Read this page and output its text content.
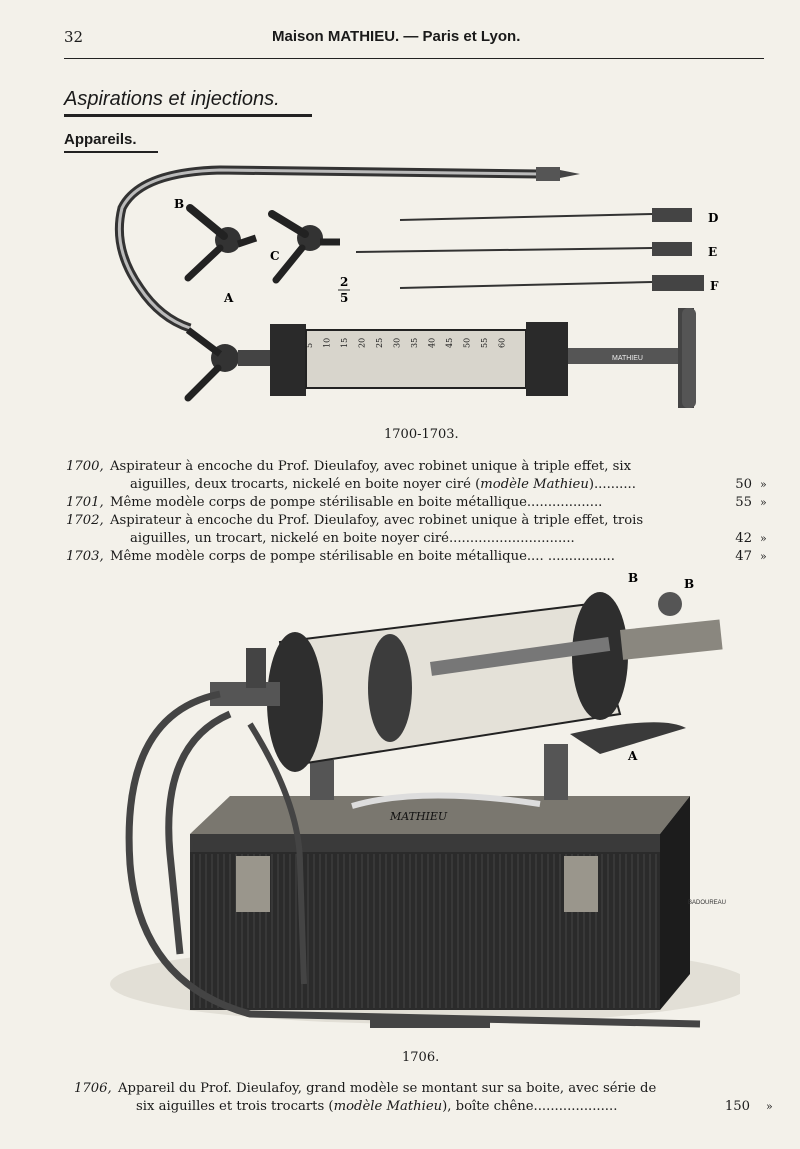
32	Maison MATHIEU. — Paris et Lyon.
Aspirations et injections.
Appareils.
MATHIEU
5 10 15 20 25 30 35 40 45 50 55 60
B
C
A
2
5
D
E
F
1700-1703.
1700, Aspirateur à encoche du Prof. Dieulafoy, avec robinet unique à triple effet, six
aiguilles, deux trocarts, nickelé en boite noyer ciré (modèle Mathieu)..........	50 »
1701, Même modèle corps de pompe stérilisable en boite métallique..................	55 »
1702, Aspirateur à encoche du Prof. Dieulafoy, avec robinet unique à triple effet, trois
aiguilles, un trocart, nickelé en boite noyer ciré..............................	42 »
1703, Même modèle corps de pompe stérilisable en boite métallique.... ................	47 »
MATHIEU
BADOUREAU
A
B	B
1706.
1706, Appareil du Prof. Dieulafoy, grand modèle se montant sur sa boite, avec série de
six aiguilles et trois trocarts (modèle Mathieu), boîte chêne....................	150 »
